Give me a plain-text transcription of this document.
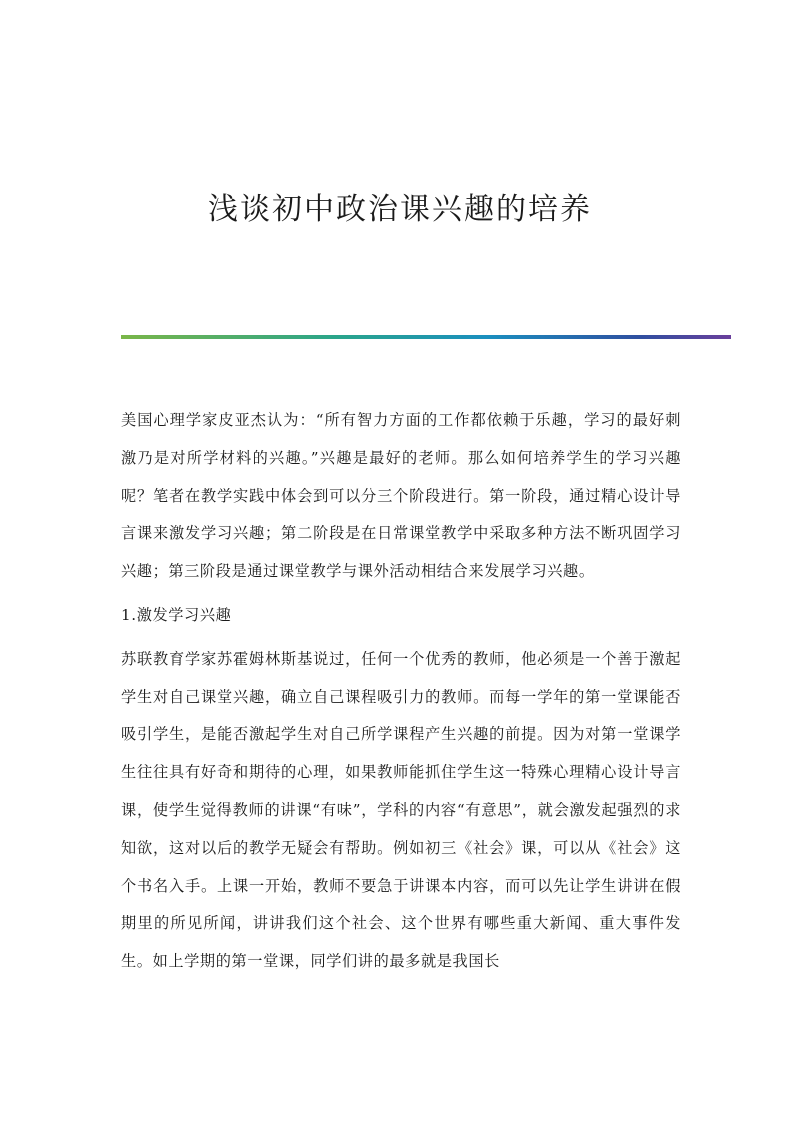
浅谈初中政治课兴趣的培养

美国心理学家皮亚杰认为：“所有智力方面的工作都依赖于乐趣，学习的最好刺激乃是对所学材料的兴趣。”兴趣是最好的老师。那么如何培养学生的学习兴趣呢？笔者在教学实践中体会到可以分三个阶段进行。第一阶段，通过精心设计导言课来激发学习兴趣；第二阶段是在日常课堂教学中采取多种方法不断巩固学习兴趣；第三阶段是通过课堂教学与课外活动相结合来发展学习兴趣。

1.激发学习兴趣

苏联教育学家苏霍姆林斯基说过，任何一个优秀的教师，他必须是一个善于激起学生对自己课堂兴趣，确立自己课程吸引力的教师。而每一学年的第一堂课能否吸引学生，是能否激起学生对自己所学课程产生兴趣的前提。因为对第一堂课学生往往具有好奇和期待的心理，如果教师能抓住学生这一特殊心理精心设计导言课，使学生觉得教师的讲课“有味”，学科的内容“有意思”，就会激发起强烈的求知欲，这对以后的教学无疑会有帮助。例如初三《社会》课，可以从《社会》这个书名入手。上课一开始，教师不要急于讲课本内容，而可以先让学生讲讲在假期里的所见所闻，讲讲我们这个社会、这个世界有哪些重大新闻、重大事件发生。如上学期的第一堂课，同学们讲的最多就是我国长
